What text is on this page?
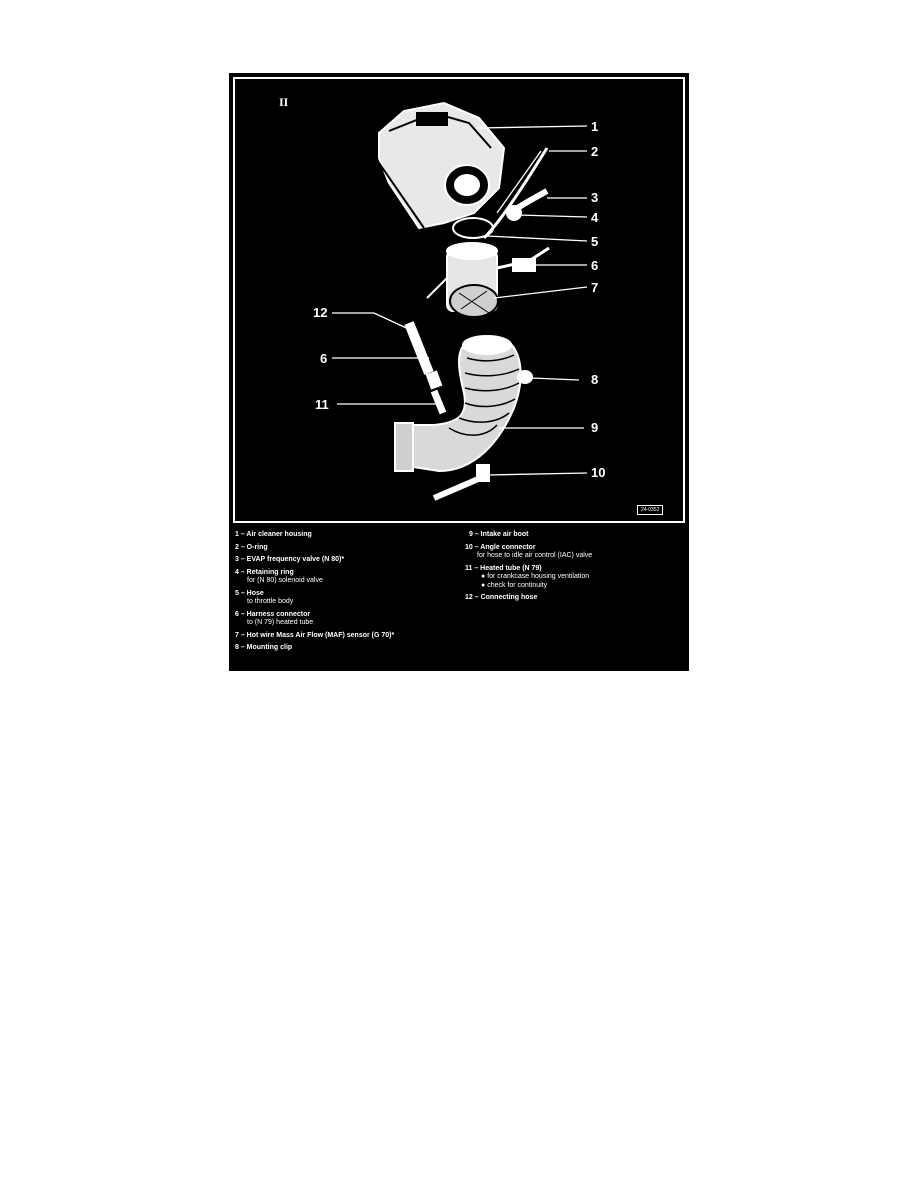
II
1
2
3
4
5
6
7
12
6
8
11
9
10
24-0352
1 – Air cleaner housing
2 – O-ring
3 – EVAP frequency valve (N 80)*
4 – Retaining ring
for (N 80) solenoid valve
5 – Hose
to throttle body
6 – Harness connector
to (N 79) heated tube
7 – Hot wire Mass Air Flow (MAF) sensor (G 70)*
8 – Mounting clip
9 – Intake air boot
10 – Angle connector
for hose to idle air control (IAC) valve
11 – Heated tube (N 79)
● for crankcase housing ventilation
● check for continuity
12 – Connecting hose
